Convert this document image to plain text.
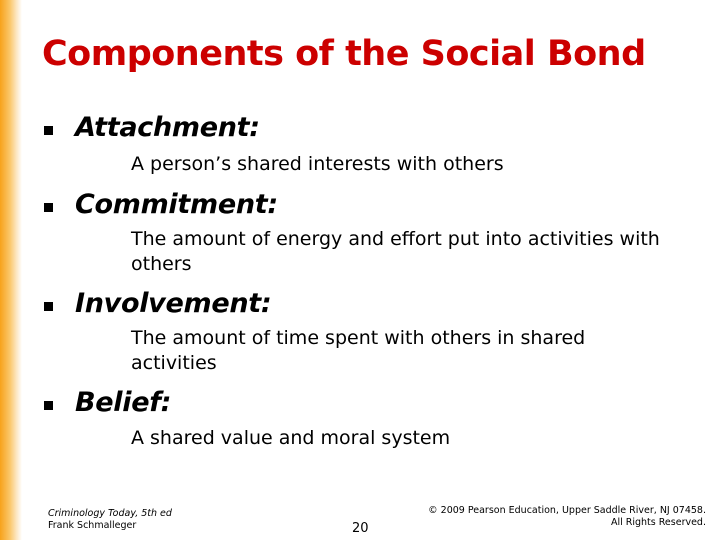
Components of the Social Bond
Attachment:
A person’s shared interests with others
Commitment:
The amount of energy and effort put into activities with others
Involvement:
The amount of time spent with others in shared activities
Belief:
A shared value and moral system
Criminology Today, 5th ed
Frank Schmalleger	20
© 2009 Pearson Education, Upper Saddle River, NJ 07458.
All Rights Reserved.
